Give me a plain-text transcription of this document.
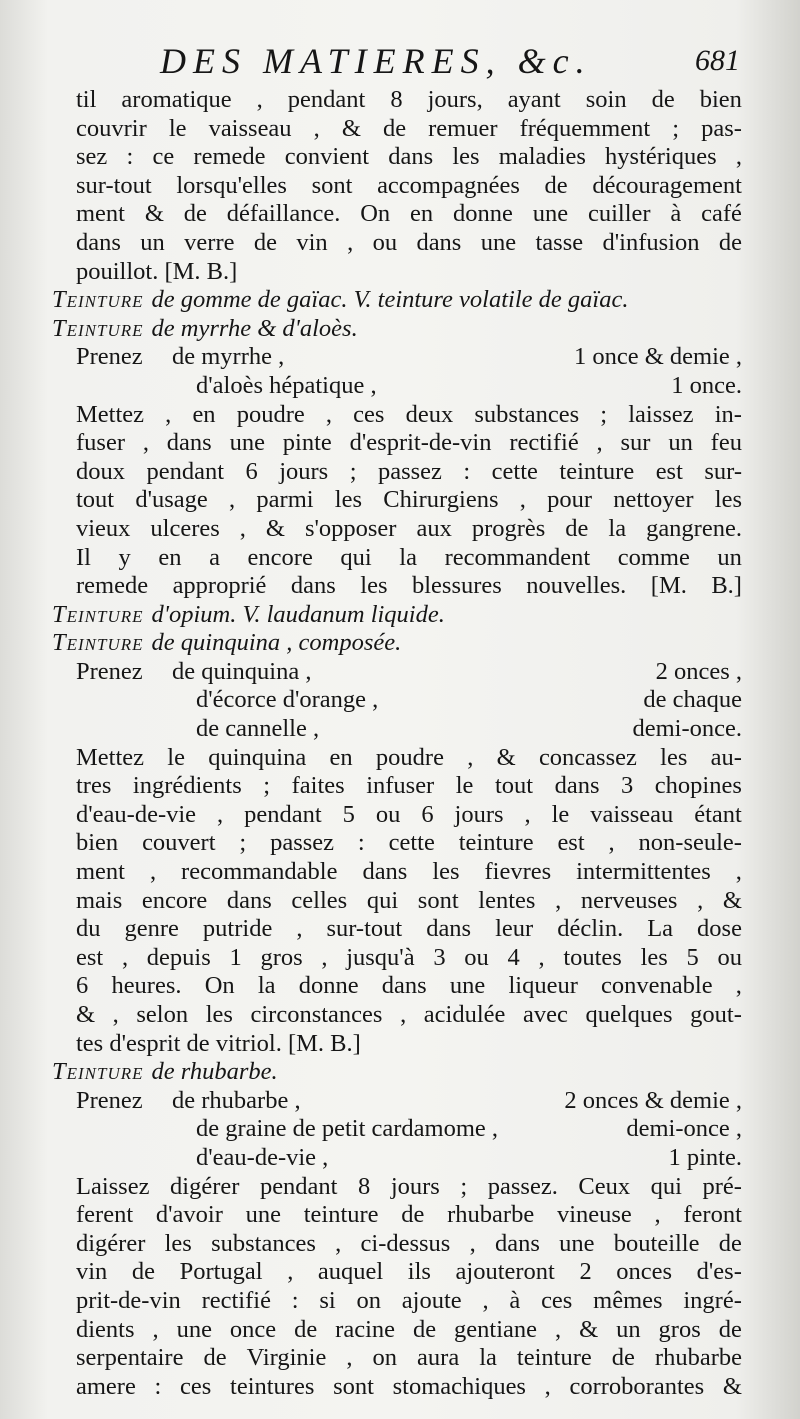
DES MATIERES, &c.	681
til aromatique , pendant 8 jours, ayant soin de bien
couvrir le vaisseau , & de remuer fréquemment ; pas-
sez : ce remede convient dans les maladies hystériques ,
sur-tout lorsqu'elles sont accompagnées de découragement
ment & de défaillance. On en donne une cuiller à café
dans un verre de vin , ou dans une tasse d'infusion de
pouillot. [M. B.]
Teinture de gomme de gaïac. V. teinture volatile de gaïac.
Teinture de myrrhe & d'aloès.
Prenez	de myrrhe ,	1 once & demie ,
d'aloès hépatique ,	1 once.
Mettez , en poudre , ces deux substances ; laissez in-
fuser , dans une pinte d'esprit-de-vin rectifié , sur un feu
doux pendant 6 jours ; passez : cette teinture est sur-
tout d'usage , parmi les Chirurgiens , pour nettoyer les
vieux ulceres , & s'opposer aux progrès de la gangrene.
Il y en a encore qui la recommandent comme un
remede approprié dans les blessures nouvelles. [M. B.]
Teinture d'opium. V. laudanum liquide.
Teinture de quinquina , composée.
Prenez	de quinquina ,	2 onces ,
d'écorce d'orange ,	de chaque
de cannelle ,	demi-once.
Mettez le quinquina en poudre , & concassez les au-
tres ingrédients ; faites infuser le tout dans 3 chopines
d'eau-de-vie , pendant 5 ou 6 jours , le vaisseau étant
bien couvert ; passez : cette teinture est , non-seule-
ment , recommandable dans les fievres intermittentes ,
mais encore dans celles qui sont lentes , nerveuses , &
du genre putride , sur-tout dans leur déclin. La dose
est , depuis 1 gros , jusqu'à 3 ou 4 , toutes les 5 ou
6 heures. On la donne dans une liqueur convenable ,
& , selon les circonstances , acidulée avec quelques gout-
tes d'esprit de vitriol. [M. B.]
Teinture de rhubarbe.
Prenez	de rhubarbe ,	2 onces & demie ,
de graine de petit cardamome ,	demi-once ,
d'eau-de-vie ,	1 pinte.
Laissez digérer pendant 8 jours ; passez. Ceux qui pré-
ferent d'avoir une teinture de rhubarbe vineuse , feront
digérer les substances , ci-dessus , dans une bouteille de
vin de Portugal , auquel ils ajouteront 2 onces d'es-
prit-de-vin rectifié : si on ajoute , à ces mêmes ingré-
dients , une once de racine de gentiane , & un gros de
serpentaire de Virginie , on aura la teinture de rhubarbe
amere : ces teintures sont stomachiques , corroborantes &
